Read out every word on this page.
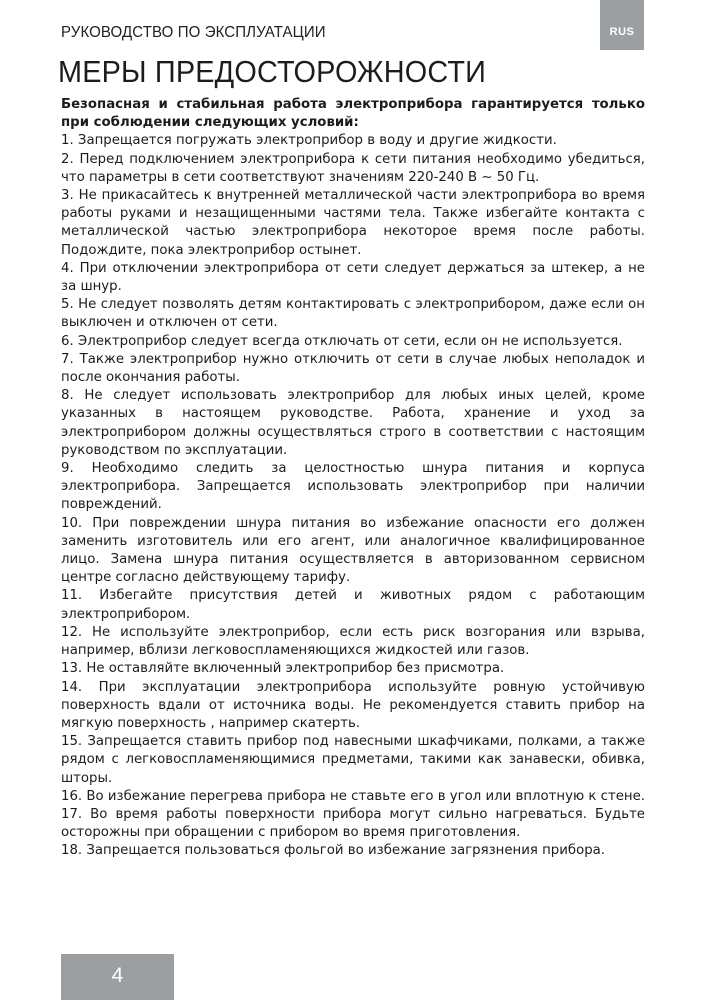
РУКОВОДСТВО ПО ЭКСПЛУАТАЦИИ	RUS
МЕРЫ ПРЕДОСТОРОЖНОСТИ

Безопасная и стабильная работа электроприбора гарантируется только при соблюдении следующих условий:

1. Запрещается погружать электроприбор в воду и другие жидкости.
2. Перед подключением электроприбора к сети питания необходимо убедиться, что параметры в сети соответствуют значениям 220-240 В ~ 50 Гц.
3. Не прикасайтесь к внутренней металлической части электроприбора во время работы руками и незащищенными частями тела. Также избегайте контакта с металлической частью электроприбора некоторое время после работы. Подождите, пока электроприбор остынет.
4. При отключении электроприбора от сети следует держаться за штекер, а не за шнур.
5. Не следует позволять детям контактировать с электроприбором, даже если он выключен и отключен от сети.
6. Электроприбор следует всегда отключать от сети, если он не используется.
7. Также электроприбор нужно отключить от сети в случае любых неполадок и после окончания работы.
8. Не следует использовать электроприбор для любых иных целей, кроме указанных в настоящем руководстве. Работа, хранение и уход за электроприбором должны осуществляться строго в соответствии с настоящим руководством по эксплуатации.
9. Необходимо следить за целостностью шнура питания и корпуса электроприбора. Запрещается использовать электроприбор при наличии повреждений.
10. При повреждении шнура питания во избежание опасности его должен заменить изготовитель или его агент, или аналогичное квалифицированное лицо. Замена шнура питания осуществляется в авторизованном сервисном центре согласно действующему тарифу.
11. Избегайте присутствия детей и животных рядом с работающим электроприбором.
12. Не используйте электроприбор, если есть риск возгорания или взрыва, например, вблизи легковоспламеняющихся жидкостей или газов.
13. Не оставляйте включенный электроприбор без присмотра.
14. При эксплуатации электроприбора используйте ровную устойчивую поверхность вдали от источника воды. Не рекомендуется ставить прибор на мягкую поверхность , например скатерть.
15. Запрещается ставить прибор под навесными шкафчиками, полками, а также рядом с легковоспламеняющимися предметами, такими как занавески, обивка, шторы.
16. Во избежание перегрева прибора не ставьте его в угол или вплотную к стене.
17. Во время работы поверхности прибора могут сильно нагреваться. Будьте осторожны при обращении с прибором во время приготовления.
18. Запрещается пользоваться фольгой во избежание загрязнения прибора.
4
